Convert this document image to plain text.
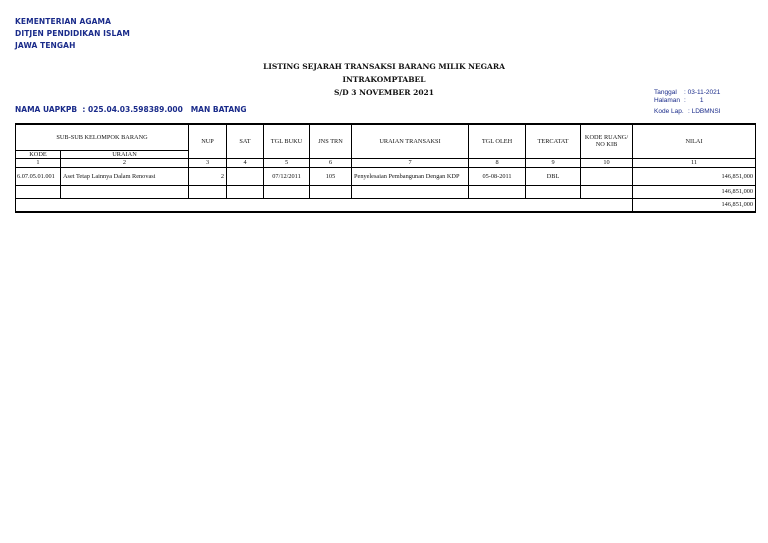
KEMENTERIAN AGAMA
DITJEN PENDIDIKAN ISLAM
JAWA TENGAH
LISTING SEJARAH TRANSAKSI BARANG MILIK NEGARA
INTRAKOMPTABEL
S/D 3 NOVEMBER 2021
NAMA UAPKPB  : 025.04.03.598389.000   MAN BATANG
Tanggal : 03-11-2021
Halaman : 1
Kode Lap. : LDBMNSI
SUB-SUB KELOMPOK BARANG		NUP	SAT	TGL BUKU	JNS TRN	URAIAN TRANSAKSI	TGL OLEH	TERCATAT	KODE RUANG/ NO KIB	NILAI
KODE	URAIAN									
1	2	3	4	5	6	7	8	9	10	11
6.07.05.01.001	Aset Tetap Lainnya Dalam Renovasi	2		07/12/2011	105	Penyelesaian Pembangunan Dengan KDP	05-08-2011	DBL		146,851,000
										146,851,000
										146,851,000
